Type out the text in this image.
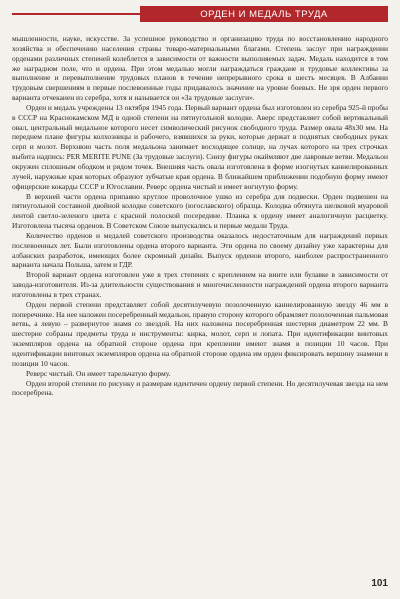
ОРДЕН И МЕДАЛЬ ТРУДА

мышленности, науке, искусстве. За успешное руководство и организацию труда по восстановлению народного хозяйства и обеспечению населения страны товаро-материальными благами. Степень заслуг при награждении орденами различных степеней колеблется в зависимости от важности выполняемых задач. Медаль находится в том же наградном поле, что и ордена. При этом медалью могли награждаться граждане и трудовые коллективы за выполнение и перевыполнение трудовых планов в течение непрерывного срока в шесть месяцев. В Албании трудовым свершениям в первые послевоенные годы придавалось значение на уровне боевых. Не зря орден первого варианта отчеканен из серебра, хотя и называется он «За трудовые заслуги».

Орден и медаль учреждены 13 октября 1945 года. Первый вариант ордена был изготовлен из серебра 925-й пробы в СССР на Краснокамском МД в одной степени на пятиугольной колодке. Аверс представляет собой вертикальный овал, центральный медальное которого несет символический рисунок свободного труда. Размер овала 48х30 мм. На переднем плане фигуры колхозницы и рабочего, взявшихся за руки, которые держат в поднятых свободных руках серп и молот. Верхнюю часть поля медальона занимает восходящее солнце, на лучах которого на трех строчках выбита надпись: PER MERITE PUNE (За трудовые заслуги). Снизу фигуры окаймляют две лавровые ветви. Медальон окружен сплошным ободком и рядом точек. Внешняя часть овала изготовлена в форме изогнутых каннелированных лучей, наружные края которых образуют зубчатые края ордена. В ближайшем приближении подобную форму имеют офицерские кокарды СССР и Югославии. Реверс ордена чистый и имеет вогнутую форму.

В верхней части ордена припаяно крутлое проволочное ушко из серебра для подвески. Орден подвешен на пятиугольной составной двойной колодке советского (югославского) образца. Колодка обтянута шелковой муаровой лентой светло-зеленого цвета с красной полоской посередине. Планка к ордену имеет аналогичную расцветку. Изготовлена тысяча орденов. В Советском Союзе выпускались и первые медали Труда.

Количество орденов и медалей советского производства оказалось недостаточным для награждений первых послевоенных лет. Были изготовлены ордена второго варианта. Эти ордена по своему дизайну уже характерны для албанских разработок, имеющих более скромный дизайн. Выпуск орденов второго, наиболее распространенного варианта начала Польша, затем и ГДР.

Второй вариант ордена изготовлен уже в трех степенях с креплением на винте или булавке в зависимости от завода-изготовителя. Из-за длительности существования и многочисленности награждений ордена второго варианта изготовлены в трех странах.

Орден первой степени представляет собой десятилучевую позолоченную каннелированную звезду 46 мм в поперечнике. На нее наложен посеребренный медальон, правую сторону которого обрамляет позолоченная пальмовая ветвь, а левую – развернутое знамя со звездой. На них наложена посеребренная шестерня диаметром 22 мм. В шестерне собраны предметы труда и инструменты: кирка, молот, серп и лопата. При идентификации винтовых экземпляров ордена на обратной стороне ордена при креплении имеют знамя в позиции 10 часов. При идентификации винтовых экземпляров ордена на обратной стороне ордена им орден фиксировать вершину знамени в позиции 10 часов.

Реверс чистый. Он имеет тарельчатую форму.

Орден второй степени по рисунку и размерам идентичен ордену первой степени. Но десятилучевая звезда на нем посеребрена.

101
